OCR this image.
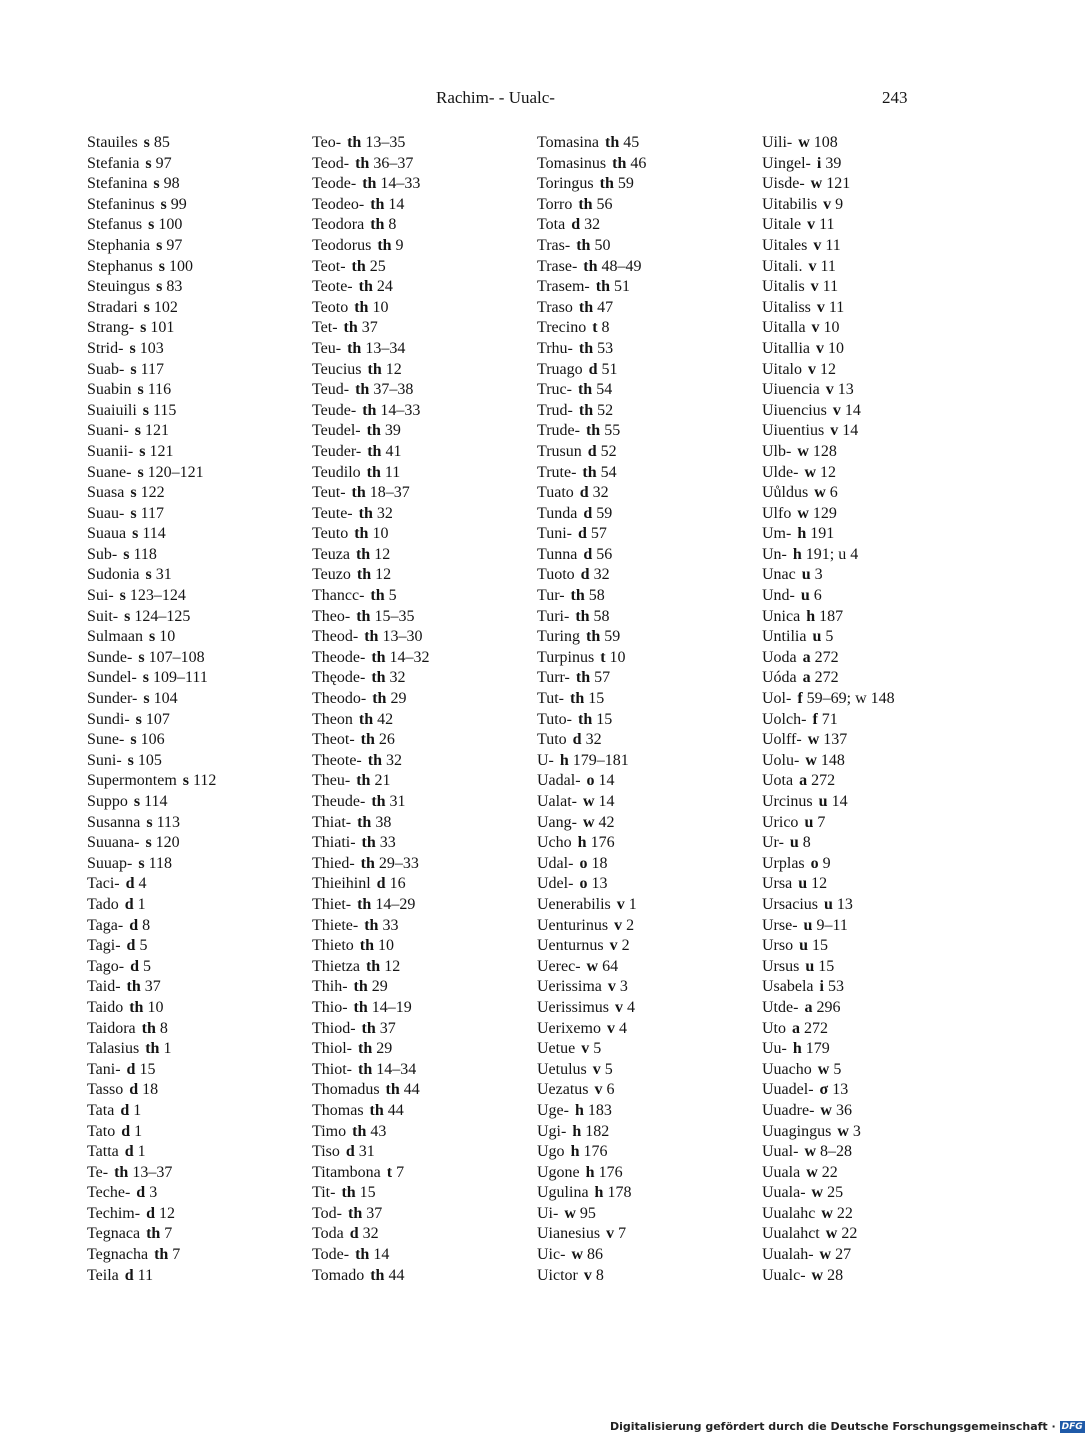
Rachim- - Uualc-	243
Stauiles s 85
Stefania s 97
Stefanina s 98
Stefaninus s 99
Stefanus s 100
Stephania s 97
Stephanus s 100
Steuingus s 83
Stradari s 102
Strang- s 101
Strid- s 103
Suab- s 117
Suabin s 116
Suaiuili s 115
Suani- s 121
Suanii- s 121
Suane- s 120–121
Suasa s 122
Suau- s 117
Suaua s 114
Sub- s 118
Sudonia s 31
Sui- s 123–124
Suit- s 124–125
Sulmaan s 10
Sunde- s 107–108
Sundel- s 109–111
Sunder- s 104
Sundi- s 107
Sune- s 106
Suni- s 105
Supermontem s 112
Suppo s 114
Susanna s 113
Suuana- s 120
Suuap- s 118
Taci- d 4
Tado d 1
Taga- d 8
Tagi- d 5
Tago- d 5
Taid- th 37
Taido th 10
Taidora th 8
Talasius th 1
Tani- d 15
Tasso d 18
Tata d 1
Tato d 1
Tatta d 1
Te- th 13–37
Teche- d 3
Techim- d 12
Tegnaca th 7
Tegnacha th 7
Teila d 11
Teo- th 13–35
Teod- th 36–37
Teode- th 14–33
Teodeo- th 14
Teodora th 8
Teodorus th 9
Teot- th 25
Teote- th 24
Teoto th 10
Tet- th 37
Teu- th 13–34
Teucius th 12
Teud- th 37–38
Teude- th 14–33
Teudel- th 39
Teuder- th 41
Teudilo th 11
Teut- th 18–37
Teute- th 32
Teuto th 10
Teuza th 12
Teuzo th 12
Thancc- th 5
Theo- th 15–35
Theod- th 13–30
Theode- th 14–32
Thęode- th 32
Theodo- th 29
Theon th 42
Theot- th 26
Theote- th 32
Theu- th 21
Theude- th 31
Thiat- th 38
Thiati- th 33
Thied- th 29–33
Thieihinl d 16
Thiet- th 14–29
Thiete- th 33
Thieto th 10
Thietza th 12
Thih- th 29
Thio- th 14–19
Thiod- th 37
Thiol- th 29
Thiot- th 14–34
Thomadus th 44
Thomas th 44
Timo th 43
Tiso d 31
Titambona t 7
Tit- th 15
Tod- th 37
Toda d 32
Tode- th 14
Tomado th 44
Tomasina th 45
Tomasinus th 46
Toringus th 59
Torro th 56
Tota d 32
Tras- th 50
Trase- th 48–49
Trasem- th 51
Traso th 47
Trecino t 8
Trhu- th 53
Truago d 51
Truc- th 54
Trud- th 52
Trude- th 55
Trusun d 52
Trute- th 54
Tuato d 32
Tunda d 59
Tuni- d 57
Tunna d 56
Tuoto d 32
Tur- th 58
Turi- th 58
Turing th 59
Turpinus t 10
Turr- th 57
Tut- th 15
Tuto- th 15
Tuto d 32
U- h 179–181
Uadal- o 14
Ualat- w 14
Uang- w 42
Ucho h 176
Udal- o 18
Udel- o 13
Uenerabilis v 1
Uenturinus v 2
Uenturnus v 2
Uerec- w 64
Uerissima v 3
Uerissimus v 4
Uerixemo v 4
Uetue v 5
Uetulus v 5
Uezatus v 6
Uge- h 183
Ugi- h 182
Ugo h 176
Ugone h 176
Ugulina h 178
Ui- w 95
Uianesius v 7
Uic- w 86
Uictor v 8
Uili- w 108
Uingel- i 39
Uisde- w 121
Uitabilis v 9
Uitale v 11
Uitales v 11
Uitali. v 11
Uitalis v 11
Uitaliss v 11
Uitalla v 10
Uitallia v 10
Uitalo v 12
Uiuencia v 13
Uiuencius v 14
Uiuentius v 14
Ulb- w 128
Ulde- w 12
Uůldus w 6
Ulfo w 129
Um- h 191
Un- h 191; u 4
Unac u 3
Und- u 6
Unica h 187
Untilia u 5
Uoda a 272
Uóda a 272
Uol- f 59–69; w 148
Uolch- f 71
Uolff- w 137
Uolu- w 148
Uota a 272
Urcinus u 14
Urico u 7
Ur- u 8
Urplas o 9
Ursa u 12
Ursacius u 13
Urse- u 9–11
Urso u 15
Ursus u 15
Usabela i 53
Utde- a 296
Uto a 272
Uu- h 179
Uuacho w 5
Uuadel- σ 13
Uuadre- w 36
Uuagingus w 3
Uual- w 8–28
Uuala w 22
Uuala- w 25
Uualahc w 22
Uualahct w 22
Uualah- w 27
Uualc- w 28
Digitalisierung gefördert durch die Deutsche Forschungsgemeinschaft · DFG
